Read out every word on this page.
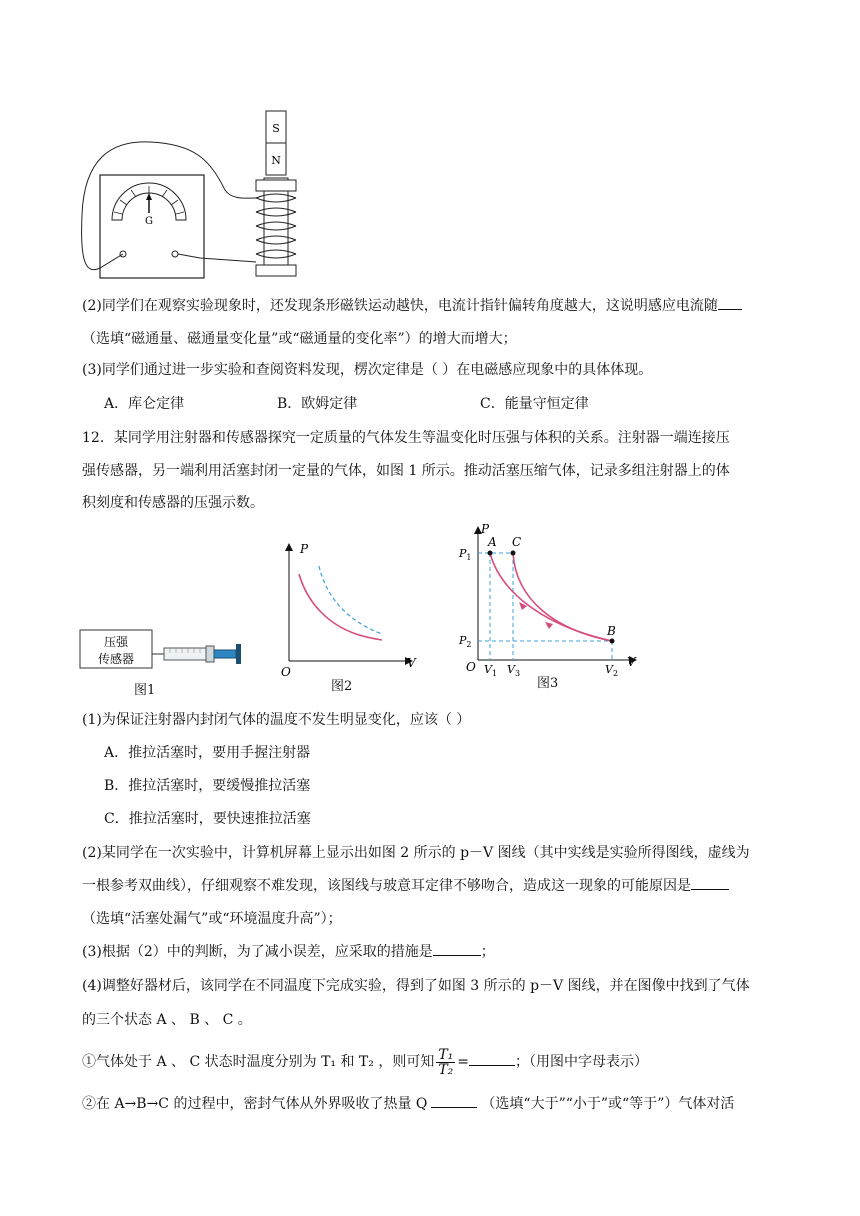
S
N
G
(2)同学们在观察实验现象时，还发现条形磁铁运动越快，电流计指针偏转角度越大，这说明感应电流随
（选填“磁通量、磁通量变化量”或“磁通量的变化率”）的增大而增大；
(3)同学们通过进一步实验和查阅资料发现，楞次定律是（ ）在电磁感应现象中的具体体现。
A．库仑定律	B．欧姆定律	C．能量守恒定律
12．某同学用注射器和传感器探究一定质量的气体发生等温变化时压强与体积的关系。注射器一端连接压
强传感器，另一端利用活塞封闭一定量的气体，如图 1 所示。推动活塞压缩气体，记录多组注射器上的体
积刻度和传感器的压强示数。
压强
传感器
图1
P
V
O
图2
P
V
O
A C
B
$P_1$
$P_2$
$V_1$ $V_3$	$V_2$
图3
(1)为保证注射器内封闭气体的温度不发生明显变化，应该（ ）
A．推拉活塞时，要用手握注射器
B．推拉活塞时，要缓慢推拉活塞
C．推拉活塞时，要快速推拉活塞
(2)某同学在一次实验中，计算机屏幕上显示出如图 2 所示的 p－V 图线（其中实线是实验所得图线，虚线为
一根参考双曲线），仔细观察不难发现，该图线与玻意耳定律不够吻合，造成这一现象的可能原因是
（选填“活塞处漏气”或“环境温度升高”）；
(3)根据（2）中的判断，为了减小误差，应采取的措施是	；
(4)调整好器材后，该同学在不同温度下完成实验，得到了如图 3 所示的 p－V 图线，并在图像中找到了气体
的三个状态 A 、 B 、 C 。
①气体处于 A 、 C 状态时温度分别为 T₁ 和 T₂ ，则可知 $\frac{\text{T₁}}{\text{T₂}}$ =	；（用图中字母表示）
②在 A→B→C 的过程中，密封气体从外界吸收了热量 Q	（选填“大于”“小于”或“等于”）气体对活
